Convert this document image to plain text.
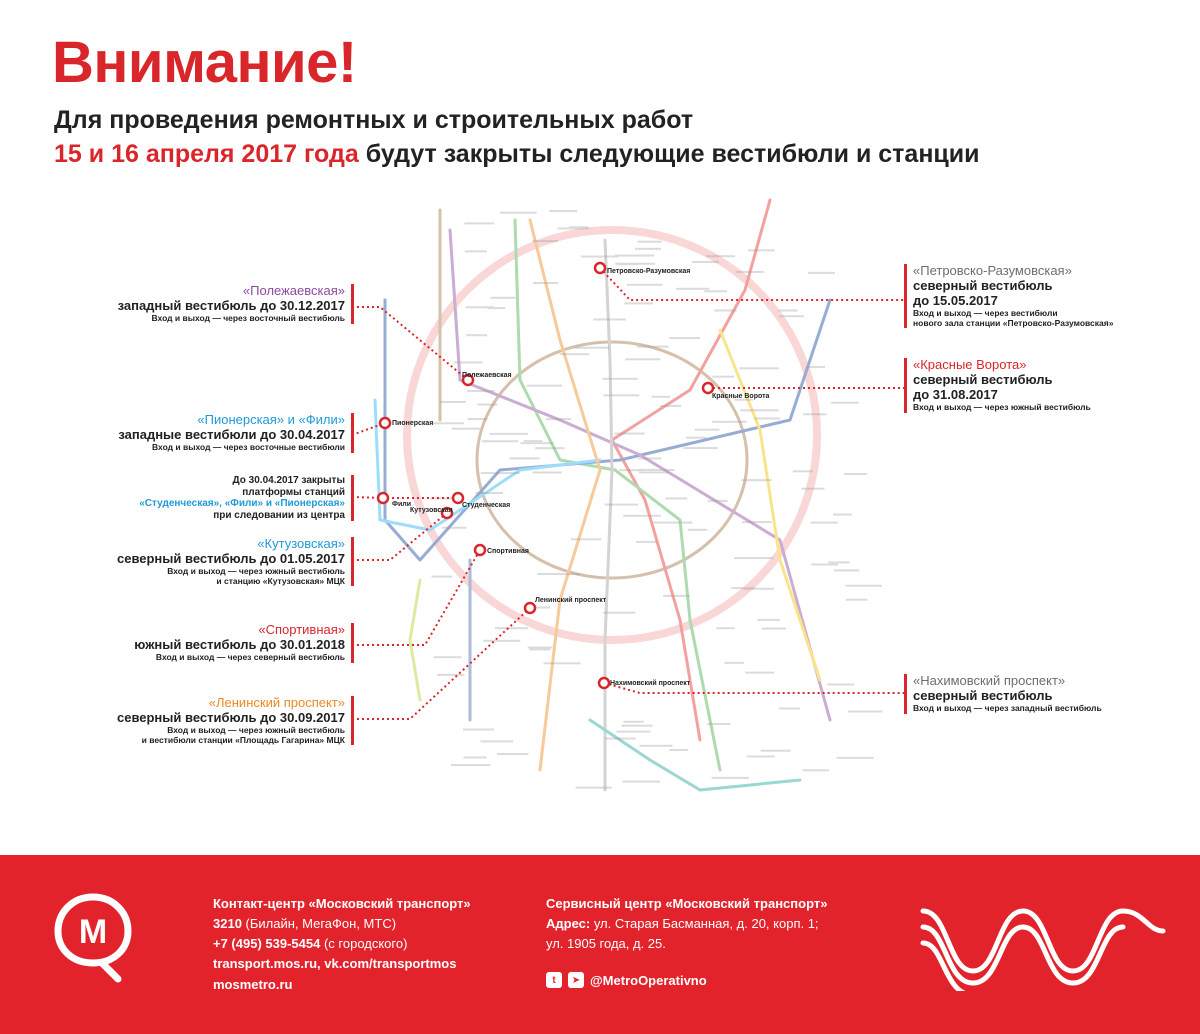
Внимание!
Для проведения ремонтных и строительных работ
15 и 16 апреля 2017 года будут закрыты следующие вестибюли и станции
Полежаевская
Пионерская
Фили	Студенческая
Кутузовская
Спортивная
Ленинский проспект
Петровско-Разумовская
Красные Ворота
Нахимовский проспект
«Полежаевская»
западный вестибюль до 30.12.2017
Вход и выход — через восточный вестибюль
«Пионерская» и «Фили»
западные вестибюли до 30.04.2017
Вход и выход — через восточные вестибюли
До 30.04.2017 закрыты
платформы станций
«Студенческая», «Фили» и «Пионерская»
при следовании из центра
«Кутузовская»
северный вестибюль до 01.05.2017
Вход и выход — через южный вестибюль
и станцию «Кутузовская» МЦК
«Спортивная»
южный вестибюль до 30.01.2018
Вход и выход — через северный вестибюль
«Ленинский проспект»
северный вестибюль до 30.09.2017
Вход и выход — через южный вестибюль
и вестибюли станции «Площадь Гагарина» МЦК
«Петровско-Разумовская»
северный вестибюль
до 15.05.2017
Вход и выход — через вестибюли
нового зала станции «Петровско-Разумовская»
«Красные Ворота»
северный вестибюль
до 31.08.2017
Вход и выход — через южный вестибюль
«Нахимовский проспект»
северный вестибюль
Вход и выход — через западный вестибюль
М
Контакт-центр «Московский транспорт»
3210 (Билайн, МегаФон, МТС)
+7 (495) 539-5454 (с городского)
transport.mos.ru, vk.com/transportmos
mosmetro.ru
Сервисный центр «Московский транспорт»
Адрес: ул. Старая Басманная, д. 20, корп. 1;
ул. 1905 года, д. 25.
t	➤ @MetroOperativno
